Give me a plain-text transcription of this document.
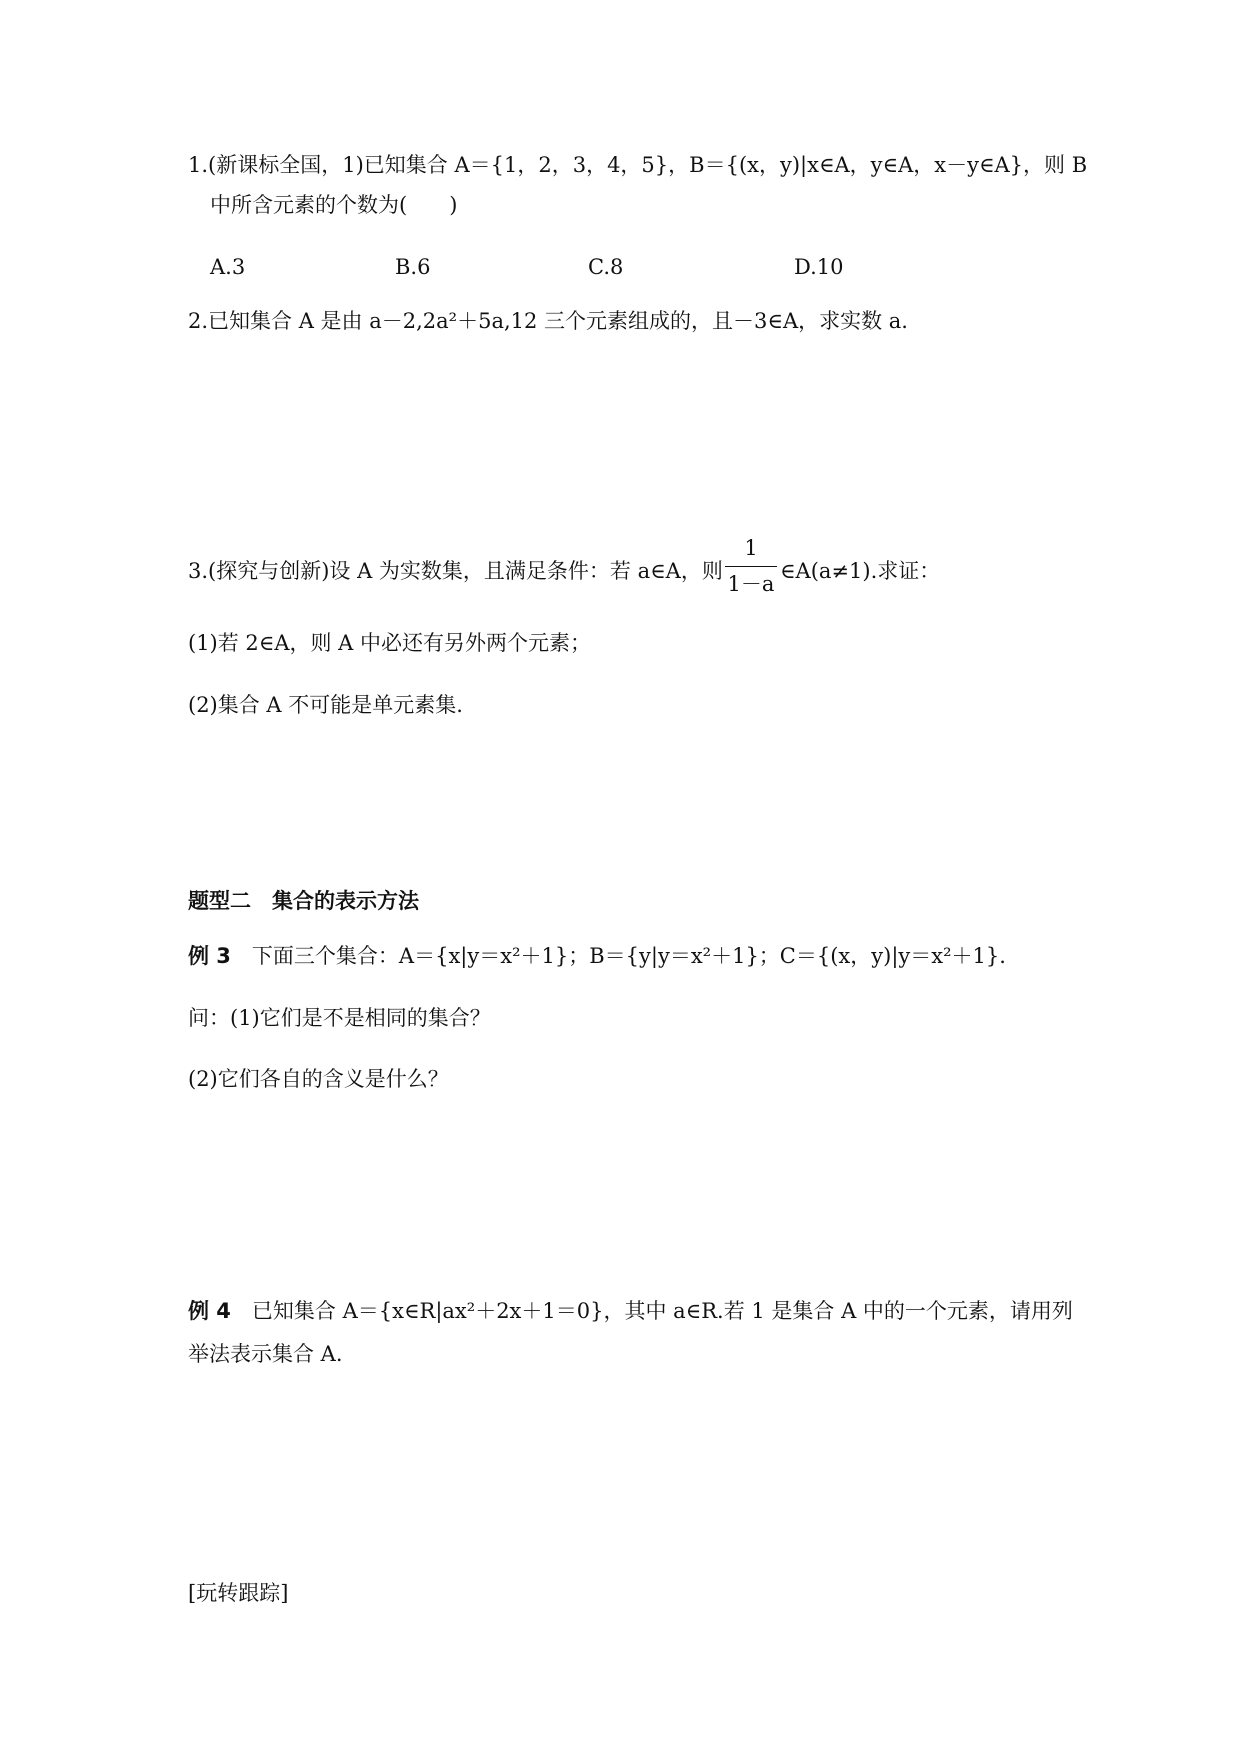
1.(新课标全国，1)已知集合 A＝{1，2，3，4，5}，B＝{(x，y)|x∈A，y∈A，x－y∈A}，则 B
中所含元素的个数为(　　)
A.3	B.6	C.8	D.10
2.已知集合 A 是由 a－2,2a²＋5a,12 三个元素组成的，且－3∈A，求实数 a.
3.(探究与创新)设 A 为实数集，且满足条件：若 a∈A，则
1
1－a
∈A(a≠1).求证：
(1)若 2∈A，则 A 中必还有另外两个元素；
(2)集合 A 不可能是单元素集.
题型二　集合的表示方法
例 3　下面三个集合：A＝{x|y＝x²＋1}；B＝{y|y＝x²＋1}；C＝{(x，y)|y＝x²＋1}.
问：(1)它们是不是相同的集合？
(2)它们各自的含义是什么？
例 4　已知集合 A＝{x∈R|ax²＋2x＋1＝0}，其中 a∈R.若 1 是集合 A 中的一个元素，请用列
举法表示集合 A.
[玩转跟踪]
